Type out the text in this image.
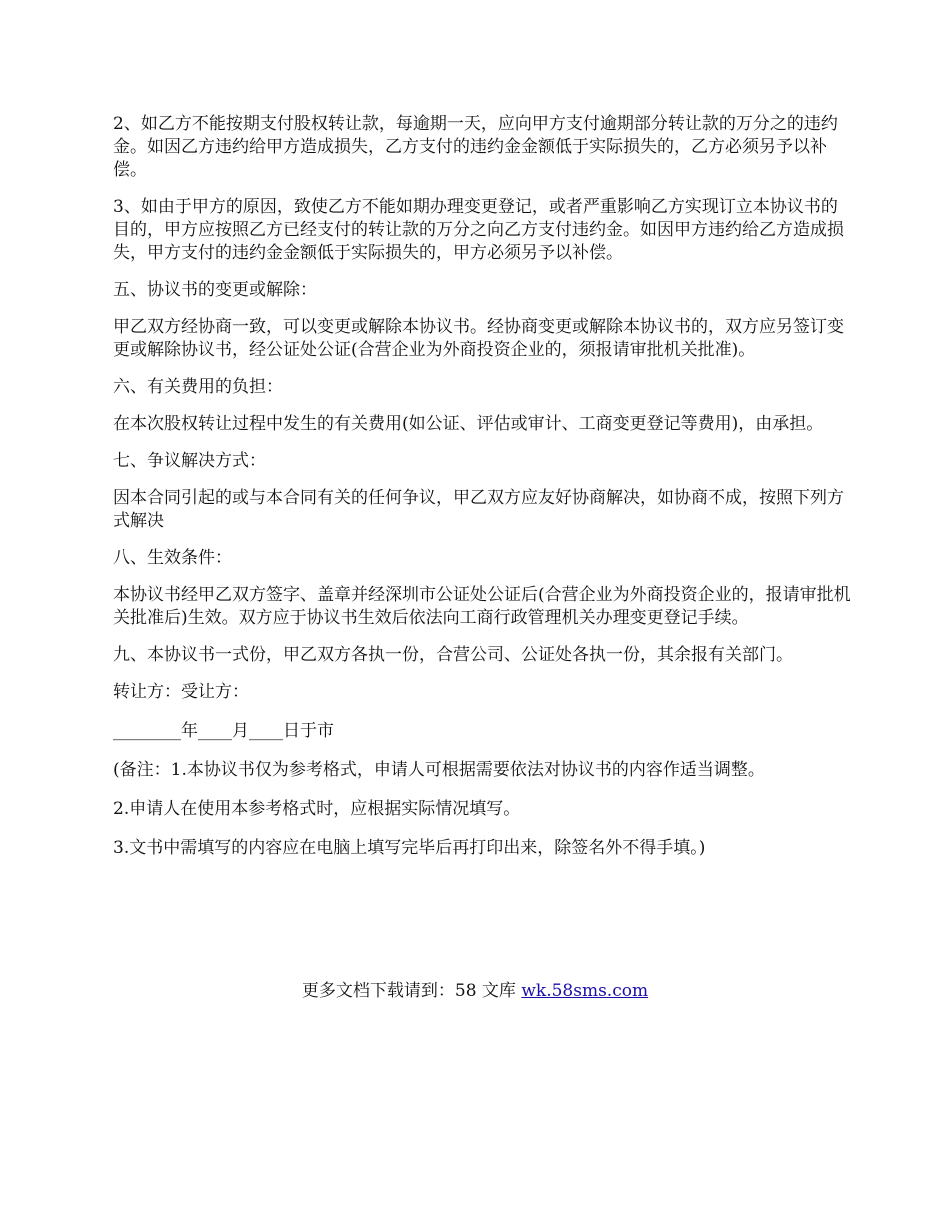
2、如乙方不能按期支付股权转让款，每逾期一天，应向甲方支付逾期部分转让款的万分之的违约金。如因乙方违约给甲方造成损失，乙方支付的违约金金额低于实际损失的，乙方必须另予以补偿。

3、如由于甲方的原因，致使乙方不能如期办理变更登记，或者严重影响乙方实现订立本协议书的目的，甲方应按照乙方已经支付的转让款的万分之向乙方支付违约金。如因甲方违约给乙方造成损失，甲方支付的违约金金额低于实际损失的，甲方必须另予以补偿。

五、协议书的变更或解除：

甲乙双方经协商一致，可以变更或解除本协议书。经协商变更或解除本协议书的，双方应另签订变更或解除协议书，经公证处公证(合营企业为外商投资企业的，须报请审批机关批准)。

六、有关费用的负担：

在本次股权转让过程中发生的有关费用(如公证、评估或审计、工商变更登记等费用)，由承担。

七、争议解决方式：

因本合同引起的或与本合同有关的任何争议，甲乙双方应友好协商解决，如协商不成，按照下列方式解决

八、生效条件：

本协议书经甲乙双方签字、盖章并经深圳市公证处公证后(合营企业为外商投资企业的，报请审批机关批准后)生效。双方应于协议书生效后依法向工商行政管理机关办理变更登记手续。

九、本协议书一式份，甲乙双方各执一份，合营公司、公证处各执一份，其余报有关部门。

转让方：受让方：

________年____月____日于市

(备注：1.本协议书仅为参考格式，申请人可根据需要依法对协议书的内容作适当调整。

2.申请人在使用本参考格式时，应根据实际情况填写。

3.文书中需填写的内容应在电脑上填写完毕后再打印出来，除签名外不得手填。)

更多文档下载请到：58 文库 wk.58sms.com
